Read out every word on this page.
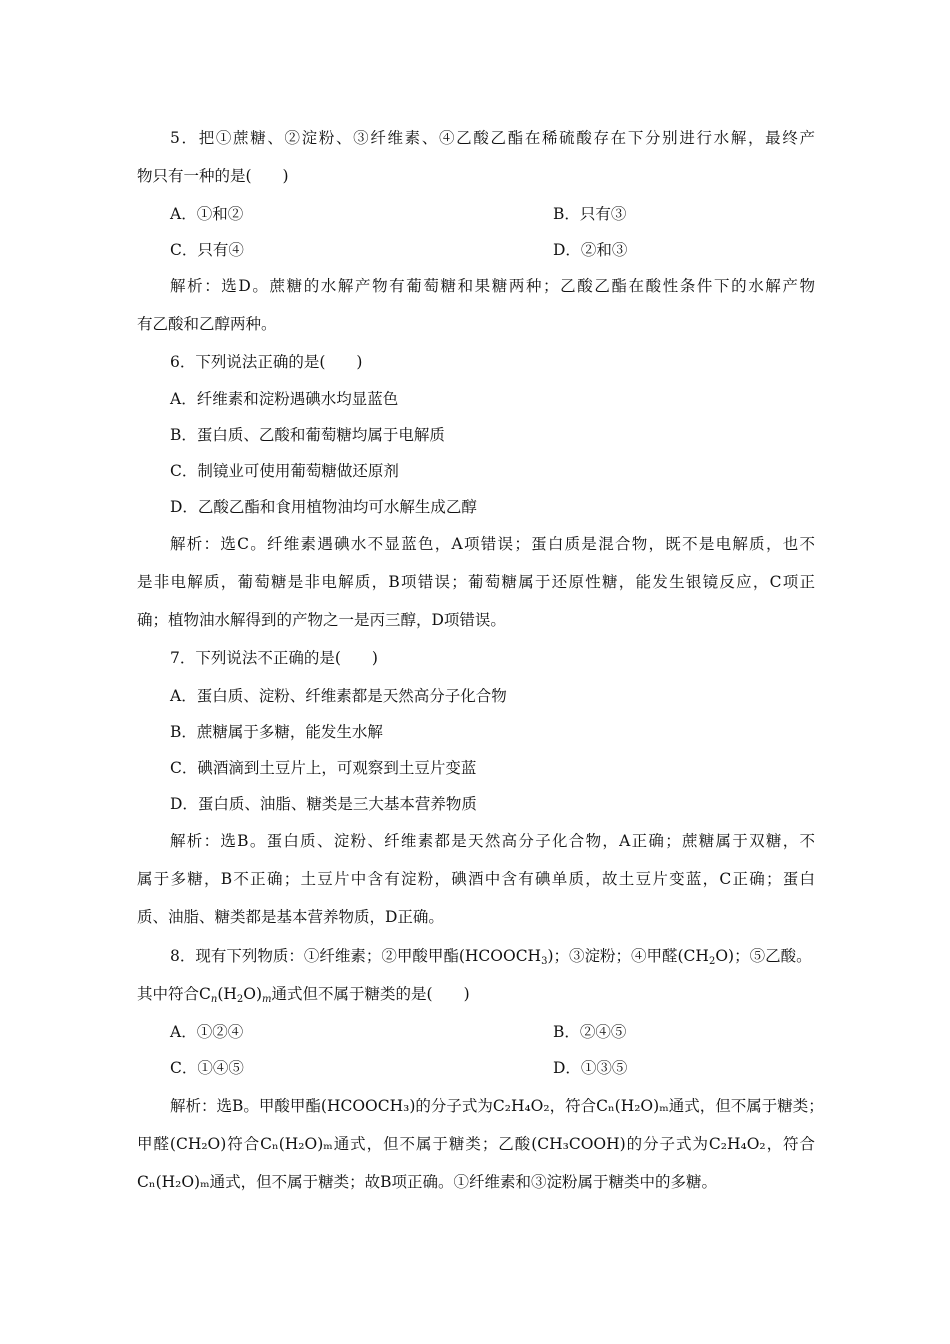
5．把①蔗糖、②淀粉、③纤维素、④乙酸乙酯在稀硫酸存在下分别进行水解，最终产
物只有一种的是(　　)
A．①和②	B．只有③
C．只有④	D．②和③
解析：选D。蔗糖的水解产物有葡萄糖和果糖两种；乙酸乙酯在酸性条件下的水解产物
有乙酸和乙醇两种。
6．下列说法正确的是(　　)
A．纤维素和淀粉遇碘水均显蓝色
B．蛋白质、乙酸和葡萄糖均属于电解质
C．制镜业可使用葡萄糖做还原剂
D．乙酸乙酯和食用植物油均可水解生成乙醇
解析：选C。纤维素遇碘水不显蓝色，A项错误；蛋白质是混合物，既不是电解质，也不
是非电解质，葡萄糖是非电解质，B项错误；葡萄糖属于还原性糖，能发生银镜反应，C项正
确；植物油水解得到的产物之一是丙三醇，D项错误。
7．下列说法不正确的是(　　)
A．蛋白质、淀粉、纤维素都是天然高分子化合物
B．蔗糖属于多糖，能发生水解
C．碘酒滴到土豆片上，可观察到土豆片变蓝
D．蛋白质、油脂、糖类是三大基本营养物质
解析：选B。蛋白质、淀粉、纤维素都是天然高分子化合物，A正确；蔗糖属于双糖，不
属于多糖，B不正确；土豆片中含有淀粉，碘酒中含有碘单质，故土豆片变蓝，C正确；蛋白
质、油脂、糖类都是基本营养物质，D正确。
8．现有下列物质：①纤维素；②甲酸甲酯$(HCOOCH_3)$；③淀粉；④甲醛$(CH_2O)$；⑤乙酸。
其中符合$Cn(H_2O)m$通式但不属于糖类的是(　　)
A．①②④	B．②④⑤
C．①④⑤	D．①③⑤
解析：选B。甲酸甲酯(HCOOCH₃)的分子式为C₂H₄O₂，符合Cₙ(H₂O)ₘ通式，但不属于糖类；
甲醛(CH₂O)符合Cₙ(H₂O)ₘ通式，但不属于糖类；乙酸(CH₃COOH)的分子式为C₂H₄O₂，符合
Cₙ(H₂O)ₘ通式，但不属于糖类；故B项正确。①纤维素和③淀粉属于糖类中的多糖。
